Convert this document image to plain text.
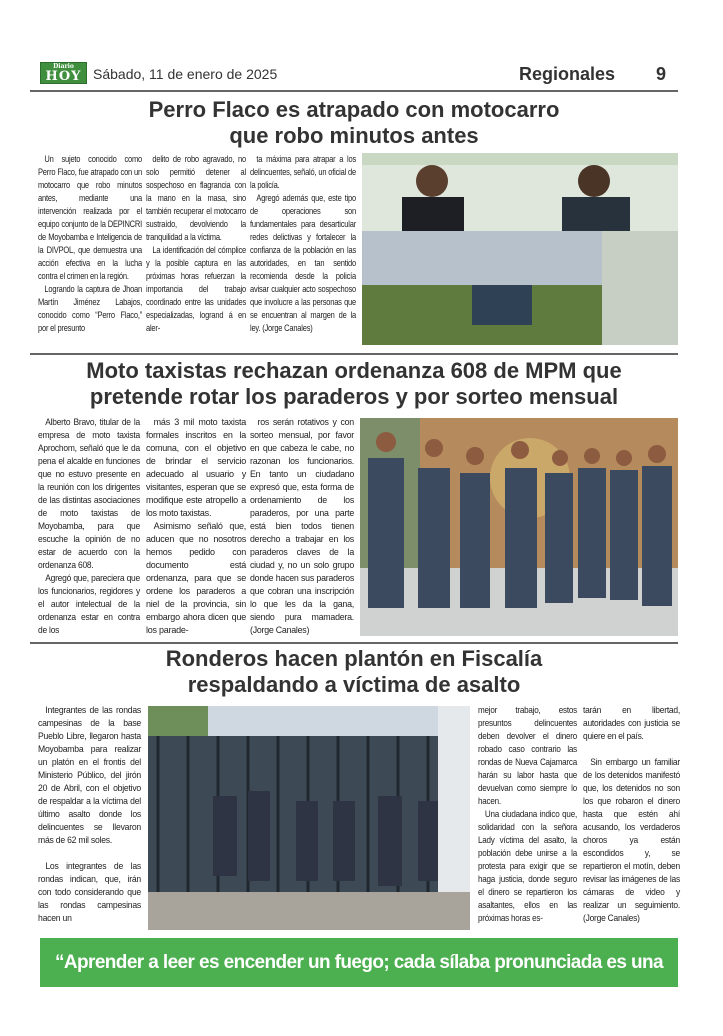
Diario
HOY Sábado, 11 de enero de 2025	Regionales 9
Perro Flaco es atrapado con motocarro
que robo minutos antes

Un sujeto conocido como Perro Flaco, fue atrapado con un motocarro que robo minutos antes, mediante una intervención realizada por el equipo conjunto de la DEPINCRI de Moyobamba e Inteligencia de la DIVPOL, que demuestra una acción efectiva en la lucha contra el crimen en la región.

Logrando la captura de Jhoan Martín Jiménez Labajos, conocido como “Perro Flaco,” por el presunto

delito de robo agravado, no solo permitió detener al sospechoso en flagrancia con la mano en la masa, sino también recuperar el motocarro sustraído, devolviendo la tranquilidad a la víctima.

La identificación del cómplice y la posible captura en las próximas horas refuerzan la importancia del trabajo coordinado entre las unidades especializadas, logrand á en aler-

ta máxima para atrapar a los delincuentes, señaló, un oficial de la policía.

Agregó además que, este tipo de operaciones son fundamentales para desarticular redes delictivas y fortalecer la confianza de la población en las autoridades, en tan sentido recomienda desde la policía avisar cualquier acto sospechoso que involucre a las personas que se encuentran al margen de la ley. (Jorge Canales)

Moto taxistas rechazan ordenanza 608 de MPM que
pretende rotar los paraderos y por sorteo mensual

Alberto Bravo, titular de la empresa de moto taxista Aprochom, señaló que le da pena el alcalde en funciones que no estuvo presente en la reunión con los dirigentes de las distintas asociaciones de moto taxistas de Moyobamba, para que escuche la opinión de no estar de acuerdo con la ordenanza 608.

Agregó que, pareciera que los funcionarios, regidores y el autor intelectual de la ordenanza estar en contra de los

más 3 mil moto taxista formales inscritos en la comuna, con el objetivo de brindar el servicio adecuado al usuario y visitantes, esperan que se modifique este atropello a los moto taxistas.

Asimismo señaló que, aducen que no nosotros hemos pedido con documento está ordenanza, para que se ordene los paraderos a niel de la provincia, sin embargo ahora dicen que los parade-

ros serán rotativos y con sorteo mensual, por favor en que cabeza le cabe, no razonan los funcionarios. En tanto un ciudadano expresó que, esta forma de ordenamiento de los paraderos, por una parte está bien todos tienen derecho a trabajar en los paraderos claves de la ciudad y, no un solo grupo donde hacen sus paraderos que cobran una inscripción lo que les da la gana, siendo pura mamadera. (Jorge Canales)

Ronderos hacen plantón en Fiscalía
respaldando a víctima de asalto

Integrantes de las rondas campesinas de la base Pueblo Libre, llegaron hasta Moyobamba para realizar un platón en el frontis del Ministerio Público, del jirón 20 de Abril, con el objetivo de respaldar a la víctima del último asalto donde los delincuentes se llevaron más de 62 mil soles.

Los integrantes de las rondas indican, que, irán con todo considerando que las rondas campesinas hacen un

mejor trabajo, estos presuntos delincuentes deben devolver el dinero robado caso contrario las rondas de Nueva Cajamarca harán su labor hasta que devuelvan como siempre lo hacen.

Una ciudadana indico que, solidaridad con la señora Lady víctima del asalto, la población debe unirse a la protesta para exigir que se haga justicia, donde seguro el dinero se repartieron los asaltantes, ellos en las próximas horas es-

tarán en libertad, autoridades con justicia se quiere en el país.

Sin embargo un familiar de los detenidos manifestó que, los detenidos no son los que robaron el dinero hasta que estén ahí acusando, los verdaderos choros ya están escondidos y, se repartieron el motín, deben revisar las imágenes de las cámaras de video y realizar un seguimiento. (Jorge Canales)

“Aprender a leer es encender un fuego; cada sílaba pronunciada es una chispa”.
